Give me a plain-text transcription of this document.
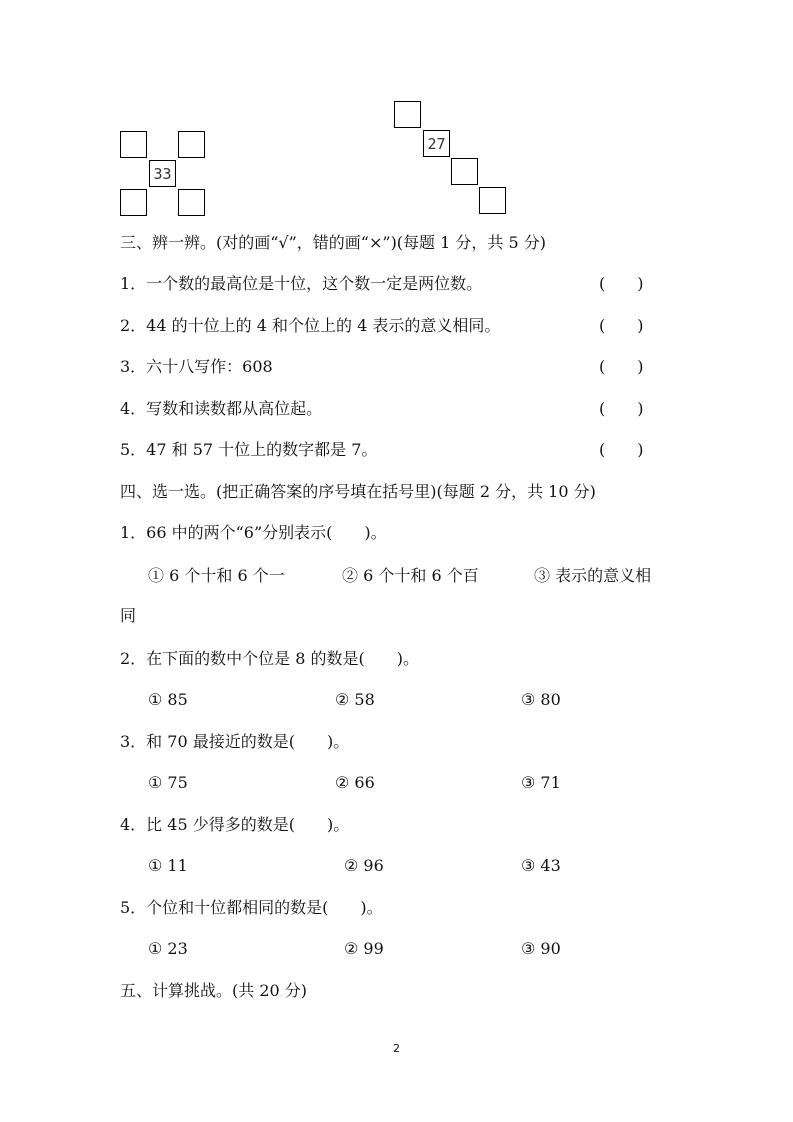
33
27
三、辨一辨。(对的画“√”，错的画“×”)(每题 1 分，共 5 分)
1．一个数的最高位是十位，这个数一定是两位数。	(　　)
2．44 的十位上的 4 和个位上的 4 表示的意义相同。	(　　)
3．六十八写作：608	(　　)
4．写数和读数都从高位起。	(　　)
5．47 和 57 十位上的数字都是 7。	(　　)
四、选一选。(把正确答案的序号填在括号里)(每题 2 分，共 10 分)
1．66 中的两个“6”分别表示(　　)。
① 6 个十和 6 个一	② 6 个十和 6 个百	③ 表示的意义相
同
2．在下面的数中个位是 8 的数是(　　)。
① 85	② 58	③ 80
3．和 70 最接近的数是(　　)。
① 75	② 66	③ 71
4．比 45 少得多的数是(　　)。
① 11	② 96	③ 43
5．个位和十位都相同的数是(　　)。
① 23	② 99	③ 90
五、计算挑战。(共 20 分)
2
